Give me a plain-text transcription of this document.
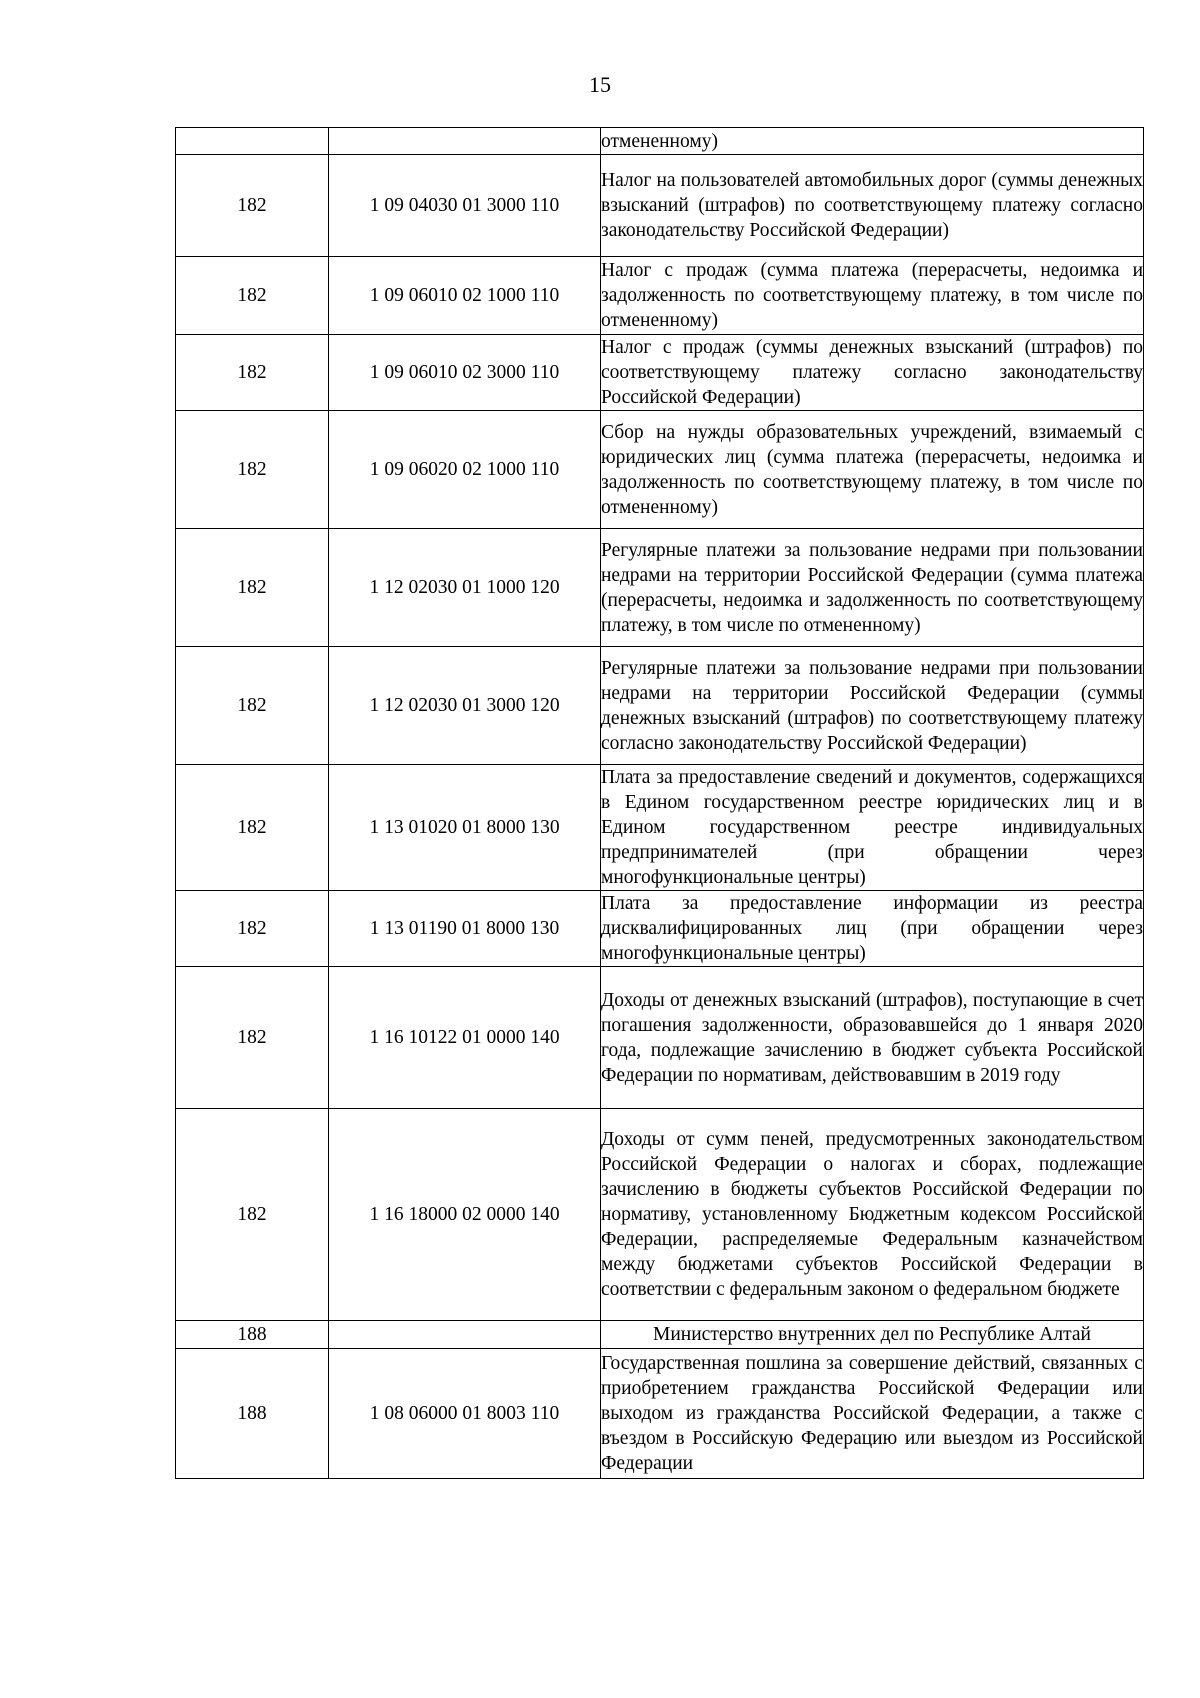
15
		отмененному)
182	1 09 04030 01 3000 110	Налог на пользователей автомобильных дорог (суммы денежных взысканий (штрафов) по соответствующему платежу согласно законодательству Российской Федерации)
182	1 09 06010 02 1000 110	Налог с продаж (сумма платежа (перерасчеты, недоимка и задолженность по соответствующему платежу, в том числе по отмененному)
182	1 09 06010 02 3000 110	Налог с продаж (суммы денежных взысканий (штрафов) по соответствующему платежу согласно законодательству Российской Федерации)
182	1 09 06020 02 1000 110	Сбор на нужды образовательных учреждений, взимаемый с юридических лиц (сумма платежа (перерасчеты, недоимка и задолженность по соответствующему платежу, в том числе по отмененному)
182	1 12 02030 01 1000 120	Регулярные платежи за пользование недрами при пользовании недрами на территории Российской Федерации (сумма платежа (перерасчеты, недоимка и задолженность по соответствующему платежу, в том числе по отмененному)
182	1 12 02030 01 3000 120	Регулярные платежи за пользование недрами при пользовании недрами на территории Российской Федерации (суммы денежных взысканий (штрафов) по соответствующему платежу согласно законодательству Российской Федерации)
182	1 13 01020 01 8000 130	Плата за предоставление сведений и документов, содержащихся в Едином государственном реестре юридических лиц и в Едином государственном реестре индивидуальных предпринимателей (при обращении через многофункциональные центры)
182	1 13 01190 01 8000 130	Плата за предоставление информации из реестра дисквалифицированных лиц (при обращении через многофункциональные центры)
182	1 16 10122 01 0000 140	Доходы от денежных взысканий (штрафов), поступающие в счет погашения задолженности, образовавшейся до 1 января 2020 года, подлежащие зачислению в бюджет субъекта Российской Федерации по нормативам, действовавшим в 2019 году
182	1 16 18000 02 0000 140	Доходы от сумм пеней, предусмотренных законодательством Российской Федерации о налогах и сборах, подлежащие зачислению в бюджеты субъектов Российской Федерации по нормативу, установленному Бюджетным кодексом Российской Федерации, распределяемые Федеральным казначейством между бюджетами субъектов Российской Федерации в соответствии с федеральным законом о федеральном бюджете
188		Министерство внутренних дел по Республике Алтай
188	1 08 06000 01 8003 110	Государственная пошлина за совершение действий, связанных с приобретением гражданства Российской Федерации или выходом из гражданства Российской Федерации, а также с въездом в Российскую Федерацию или выездом из Российской Федерации
